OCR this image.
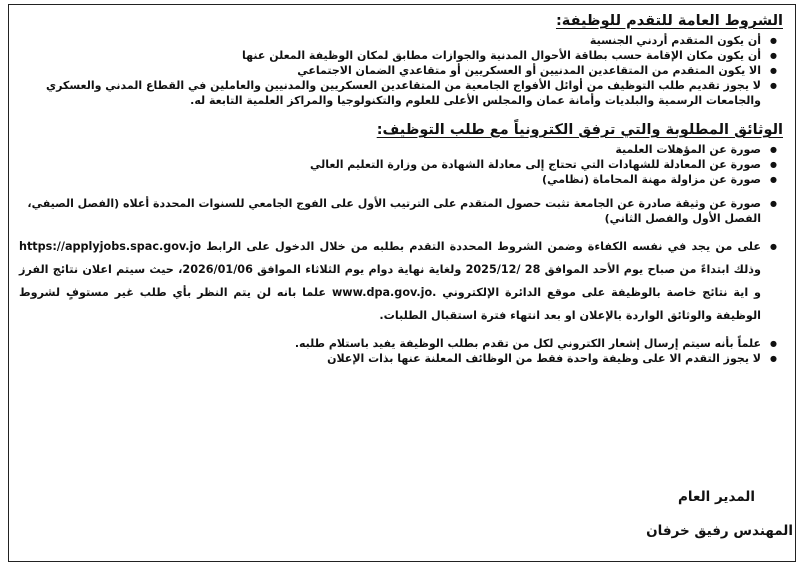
الشروط العامة للتقدم للوظيفة:
● أن يكون المتقدم أردني الجنسية
● أن يكون مكان الإقامة حسب بطاقة الأحوال المدنية والجوازات مطابق لمكان الوظيفة المعلن عنها
● الا يكون المتقدم من المتقاعدين المدنيين أو العسكريين أو متقاعدي الضمان الاجتماعي
● لا يجوز تقديم طلب التوظيف من أوائل الأفواج الجامعية من المتقاعدين العسكريين والمدنيين والعاملين في القطاع المدني والعسكري والجامعات الرسمية والبلديات وأمانة عمان والمجلس الأعلى للعلوم والتكنولوجيا والمراكز العلمية التابعة له.
الوثائق المطلوبة والتي ترفق الكترونياً مع طلب التوظيف:
● صورة عن المؤهلات العلمية
● صورة عن المعادلة للشهادات التي تحتاج إلى معادلة الشهادة من وزارة التعليم العالي
● صورة عن مزاولة مهنة المحاماة (نظامي)
● صورة عن وثيقة صادرة عن الجامعة تثبت حصول المتقدم على الترتيب الأول على الفوج الجامعي للسنوات المحددة أعلاه (الفصل الصيفي، الفصل الأول والفصل الثاني)
● على من يجد في نفسه الكفاءة وضمن الشروط المحددة التقدم بطلبه من خلال الدخول على الرابط https://applyjobs.spac.gov.jo وذلك ابتداءً من صباح يوم الأحد الموافق 28 /2025/12 ولغاية نهاية دوام يوم الثلاثاء الموافق 2026/01/06، حيث سيتم اعلان نتائج الفرز و اية نتائج خاصة بالوظيفة على موقع الدائرة الإلكتروني www.dpa.gov.jo. علما بانه لن يتم النظر بأي طلب غير مستوفٍ لشروط الوظيفة والوثائق الواردة بالإعلان او بعد انتهاء فترة استقبال الطلبات.
● علماً بأنه سيتم إرسال إشعار الكتروني لكل من تقدم بطلب الوظيفة يفيد باستلام طلبه.
● لا يجوز التقدم الا على وظيفة واحدة فقط من الوظائف المعلنة عنها بذات الإعلان
المدير العام
المهندس رفيق خرفان
